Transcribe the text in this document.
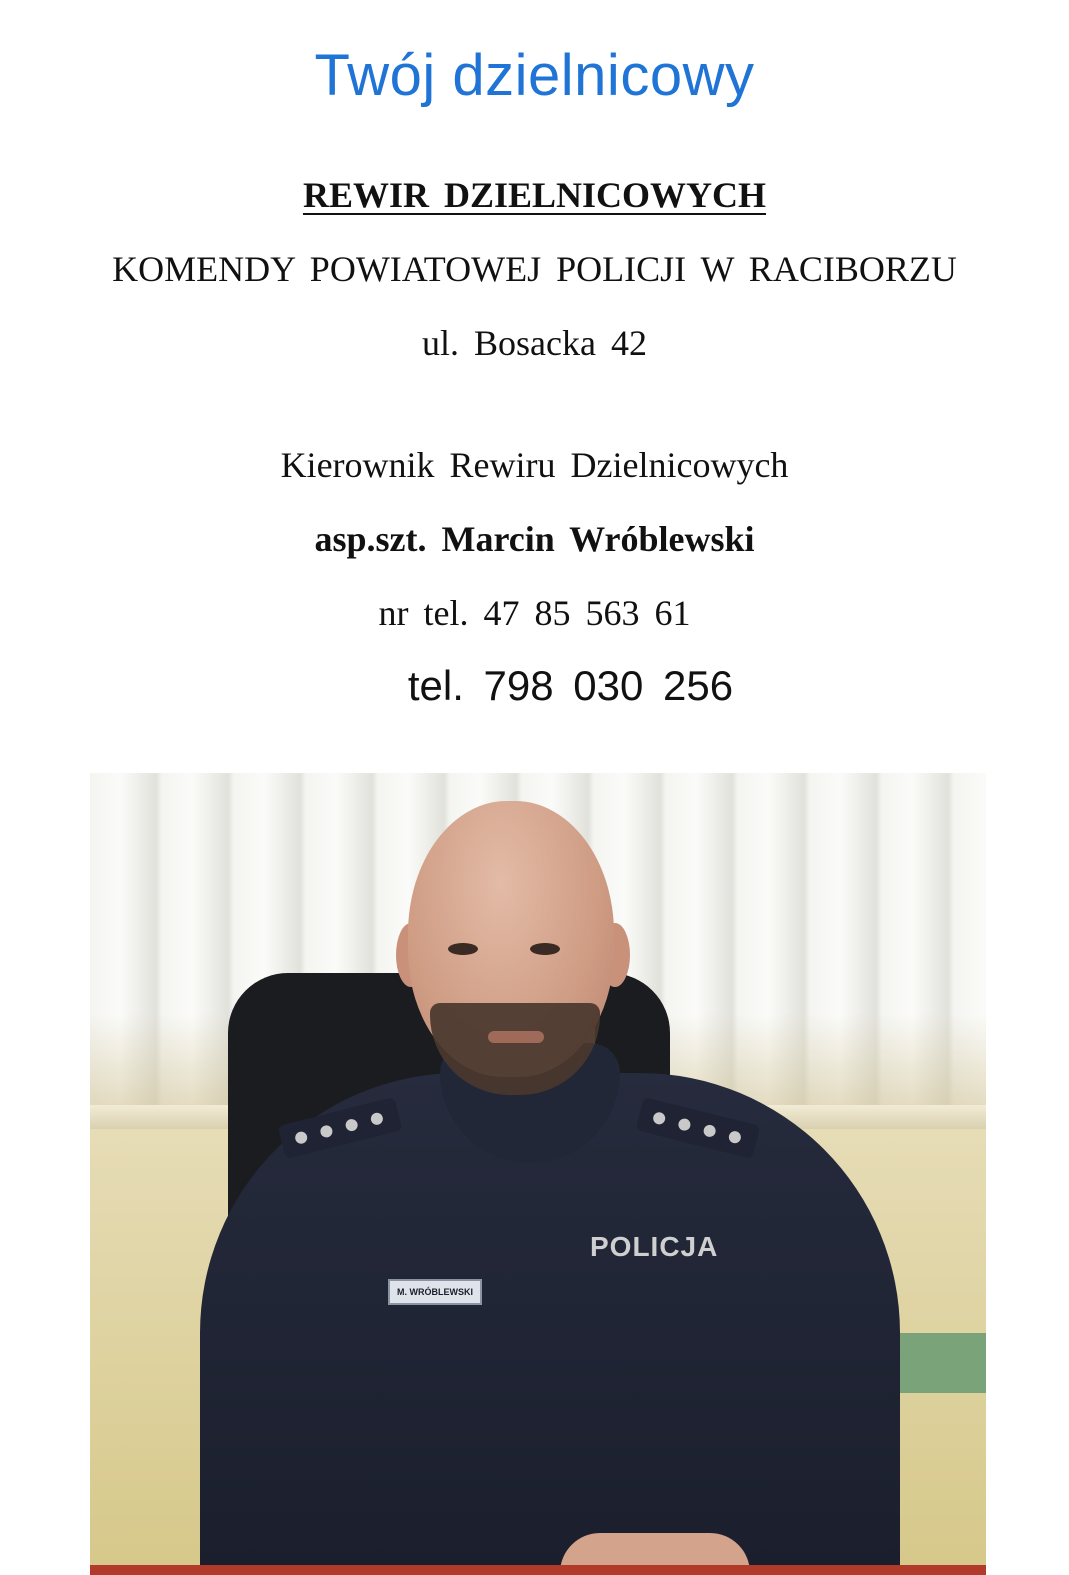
Twój dzielnicowy
REWIR DZIELNICOWYCH
KOMENDY POWIATOWEJ POLICJI W RACIBORZU
ul. Bosacka 42
Kierownik Rewiru Dzielnicowych
asp.szt. Marcin Wróblewski
nr tel. 47 85 563 61
tel. 798 030 256
POLICJA
M. WRÓBLEWSKI
